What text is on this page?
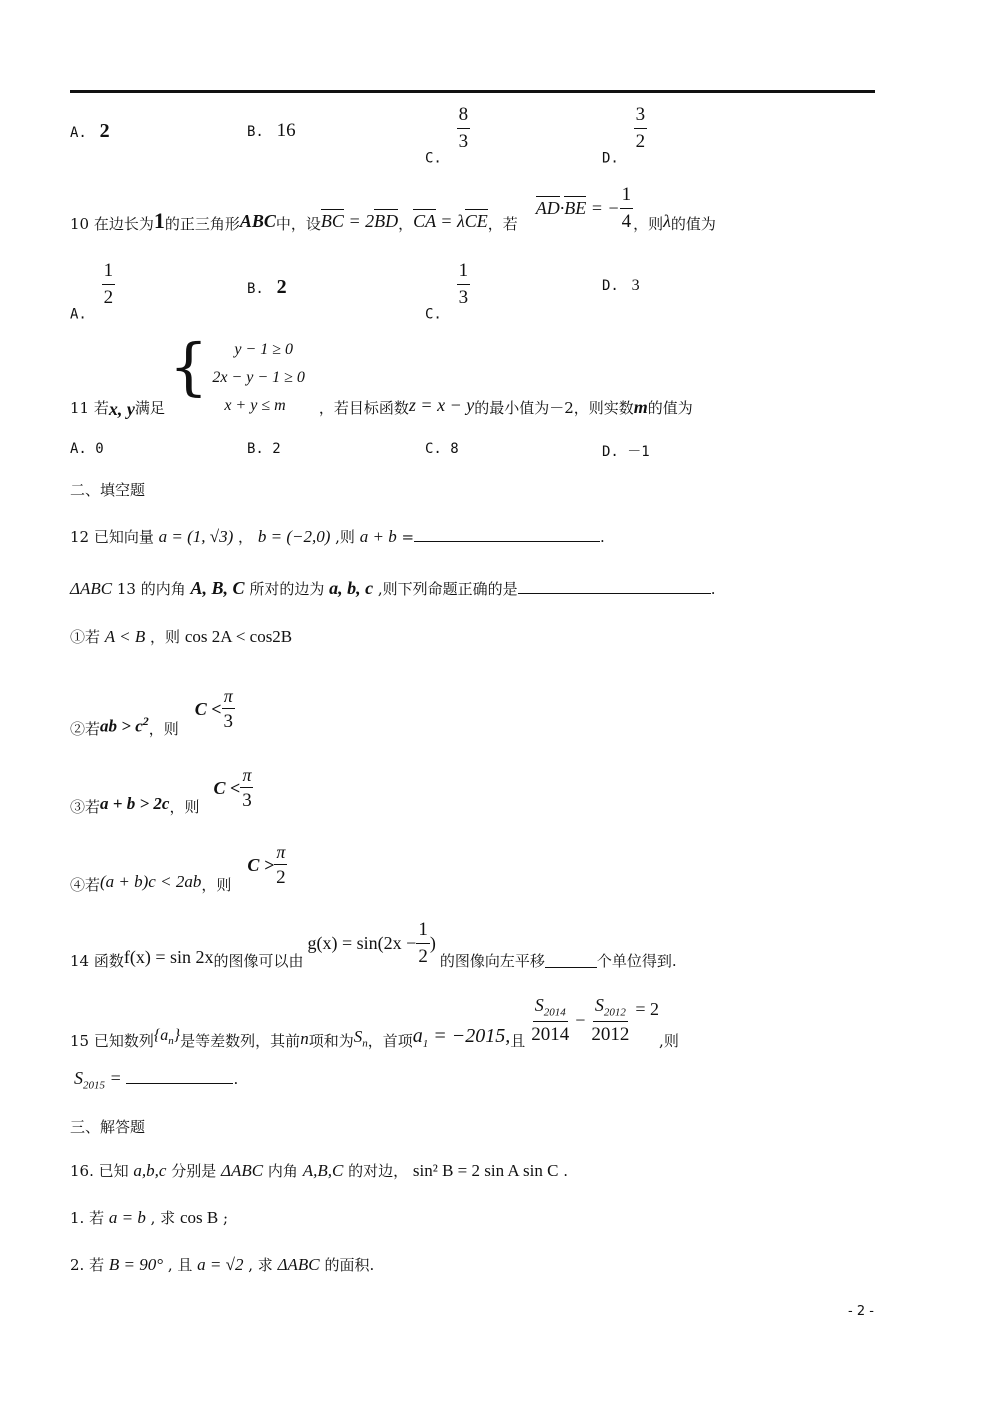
A. 2	B. 16
C.
$\frac{8}{3}$
D.
$\frac{3}{2}$
10 在边长为 1 的正三角形 ABC 中，设 BC = 2BD ， CA = λCE ，若
AD·BE = − $\frac{1}{4}$ ，则 λ 的值为
A.
$\frac{1}{2}$	B. 2
C.
$\frac{1}{3}$	D. 3
11 若 x, y 满足
{	y − 1 ≥ 0
2x − y − 1 ≥ 0
x + y ≤ m	，若目标函数 z = x − y 的最小值为－2，则实数 m 的值为
A. 0	B. 2	C. 8	D. －1
二、填空题
12 已知向量 a = (1, √3) ， b = (−2,0) ,则 a + b =	.
ΔABC 13 的内角 A, B, C 所对的边为 a, b, c ,则下列命题正确的是	.
①若 A < B ，则 cos 2A < cos2B
②若 ab > $c^2$ ，则
$C < \frac{\pi}{3}$
③若 a + b > 2c ，则
$C < \frac{\pi}{3}$
④若 (a + b)c < 2ab ，则
$C > \frac{\pi}{2}$
14 函数 f(x) = sin 2x 的图像可以由
$g(x) = \sin(2x - \frac{1}{2}$ )
的图像向左平移	个单位得到.
15 已知数列 $\{a_n\}$ 是等差数列，其前 n 项和为 $S_n$ ，首项 $a_1 = -2015$, 且 $\frac{S_{2014}}{2014} - \frac{S_{2012}}{2012} = 2$
,则
$S_{2015}$ =	.
三、解答题
16. 已知 a,b,c 分别是 ΔABC 内角 A,B,C 的对边， sin² B = 2 sin A sin C .
1. 若 a = b , 求 cos B ;
2. 若 B = 90° , 且 a = √2 , 求 ΔABC 的面积.
- 2 -
